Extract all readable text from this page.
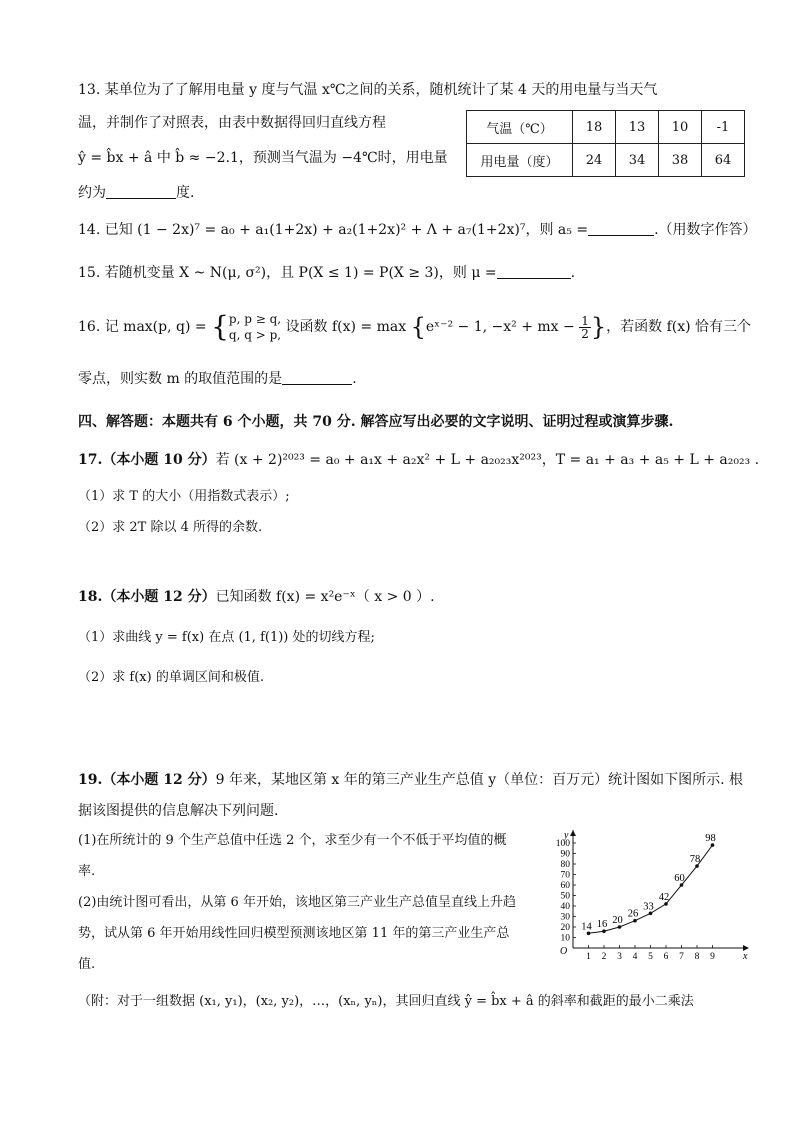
13. 某单位为了了解用电量 y 度与气温 x℃之间的关系，随机统计了某 4 天的用电量与当天气
温，并制作了对照表，由表中数据得回归直线方程
ŷ = b̂x + â 中 b̂ ≈ −2.1，预测当气温为 −4℃时，用电量
约为	度.
气温（℃）	18	13	10	-1
用电量（度）	24	34	38	64
14. 已知 (1 − 2x)⁷ = a₀ + a₁(1+2x) + a₂(1+2x)² + Λ + a₇(1+2x)⁷，则 a₅ =	.（用数字作答）
15. 若随机变量 X ~ N(μ, σ²)，且 P(X ≤ 1) = P(X ≥ 3)，则 μ =	.
16. 记 max(p, q) = { p, p ≥ q,
q, q > p, 设函数 f(x) = max {eˣ⁻² − 1, −x² + mx − $\frac{1}{2}$ }，若函数 f(x) 恰有三个
零点，则实数 m 的取值范围的是	.
四、解答题：本题共有 6 个小题，共 70 分. 解答应写出必要的文字说明、证明过程或演算步骤.
17.（本小题 10 分）若 (x + 2)²⁰²³ = a₀ + a₁x + a₂x² + L + a₂₀₂₃x²⁰²³，T = a₁ + a₃ + a₅ + L + a₂₀₂₃ .
（1）求 T 的大小（用指数式表示）;
（2）求 2T 除以 4 所得的余数.
18.（本小题 12 分）已知函数 f(x) = x²e⁻ˣ（ x > 0 ）.
（1）求曲线 y = f(x) 在点 (1, f(1)) 处的切线方程;
（2）求 f(x) 的单调区间和极值.
19.（本小题 12 分）9 年来，某地区第 x 年的第三产业生产总值 y（单位：百万元）统计图如下图所示. 根
据该图提供的信息解决下列问题.
(1)在所统计的 9 个生产总值中任选 2 个，求至少有一个不低于平均值的概
率.
(2)由统计图可看出，从第 6 年开始，该地区第三产业生产总值呈直线上升趋
势，试从第 6 年开始用线性回归模型预测该地区第 11 年的第三产业生产总
值.
（附：对于一组数据 (x₁, y₁)，(x₂, y₂)，…，(xₙ, yₙ)，其回归直线 ŷ = b̂x + â 的斜率和截距的最小二乘法
x
y
O
10
20
30
40
50
60
70
80
90
100
1 2 3 4 5 6 7 8 9
14 16 20
26
33
42
60
78
98
